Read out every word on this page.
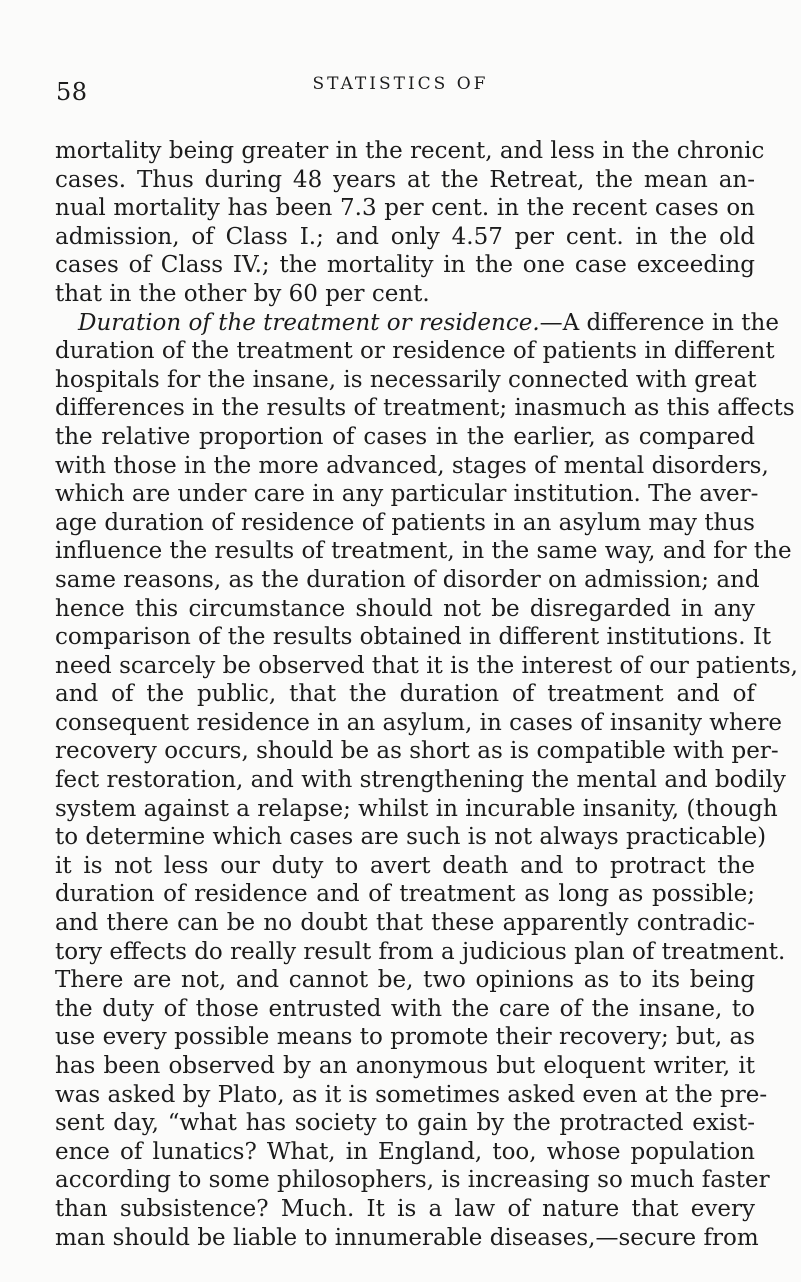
58	STATISTICS OF
mortality being greater in the recent, and less in the chronic
cases. Thus during 48 years at the Retreat, the mean an-
nual mortality has been 7.3 per cent. in the recent cases on
admission, of Class I.; and only 4.57 per cent. in the old
cases of Class IV.; the mortality in the one case exceeding
that in the other by 60 per cent.
 Duration of the treatment or residence.—A difference in the
duration of the treatment or residence of patients in different
hospitals for the insane, is necessarily connected with great
differences in the results of treatment; inasmuch as this affects
the relative proportion of cases in the earlier, as compared
with those in the more advanced, stages of mental disorders,
which are under care in any particular institution. The aver-
age duration of residence of patients in an asylum may thus
influence the results of treatment, in the same way, and for the
same reasons, as the duration of disorder on admission; and
hence this circumstance should not be disregarded in any
comparison of the results obtained in different institutions. It
need scarcely be observed that it is the interest of our patients,
and of the public, that the duration of treatment and of
consequent residence in an asylum, in cases of insanity where
recovery occurs, should be as short as is compatible with per-
fect restoration, and with strengthening the mental and bodily
system against a relapse; whilst in incurable insanity, (though
to determine which cases are such is not always practicable)
it is not less our duty to avert death and to protract the
duration of residence and of treatment as long as possible;
and there can be no doubt that these apparently contradic-
tory effects do really result from a judicious plan of treatment.
There are not, and cannot be, two opinions as to its being
the duty of those entrusted with the care of the insane, to
use every possible means to promote their recovery; but, as
has been observed by an anonymous but eloquent writer, it
was asked by Plato, as it is sometimes asked even at the pre-
sent day, “what has society to gain by the protracted exist-
ence of lunatics? What, in England, too, whose population
according to some philosophers, is increasing so much faster
than subsistence? Much. It is a law of nature that every
man should be liable to innumerable diseases,—secure from
